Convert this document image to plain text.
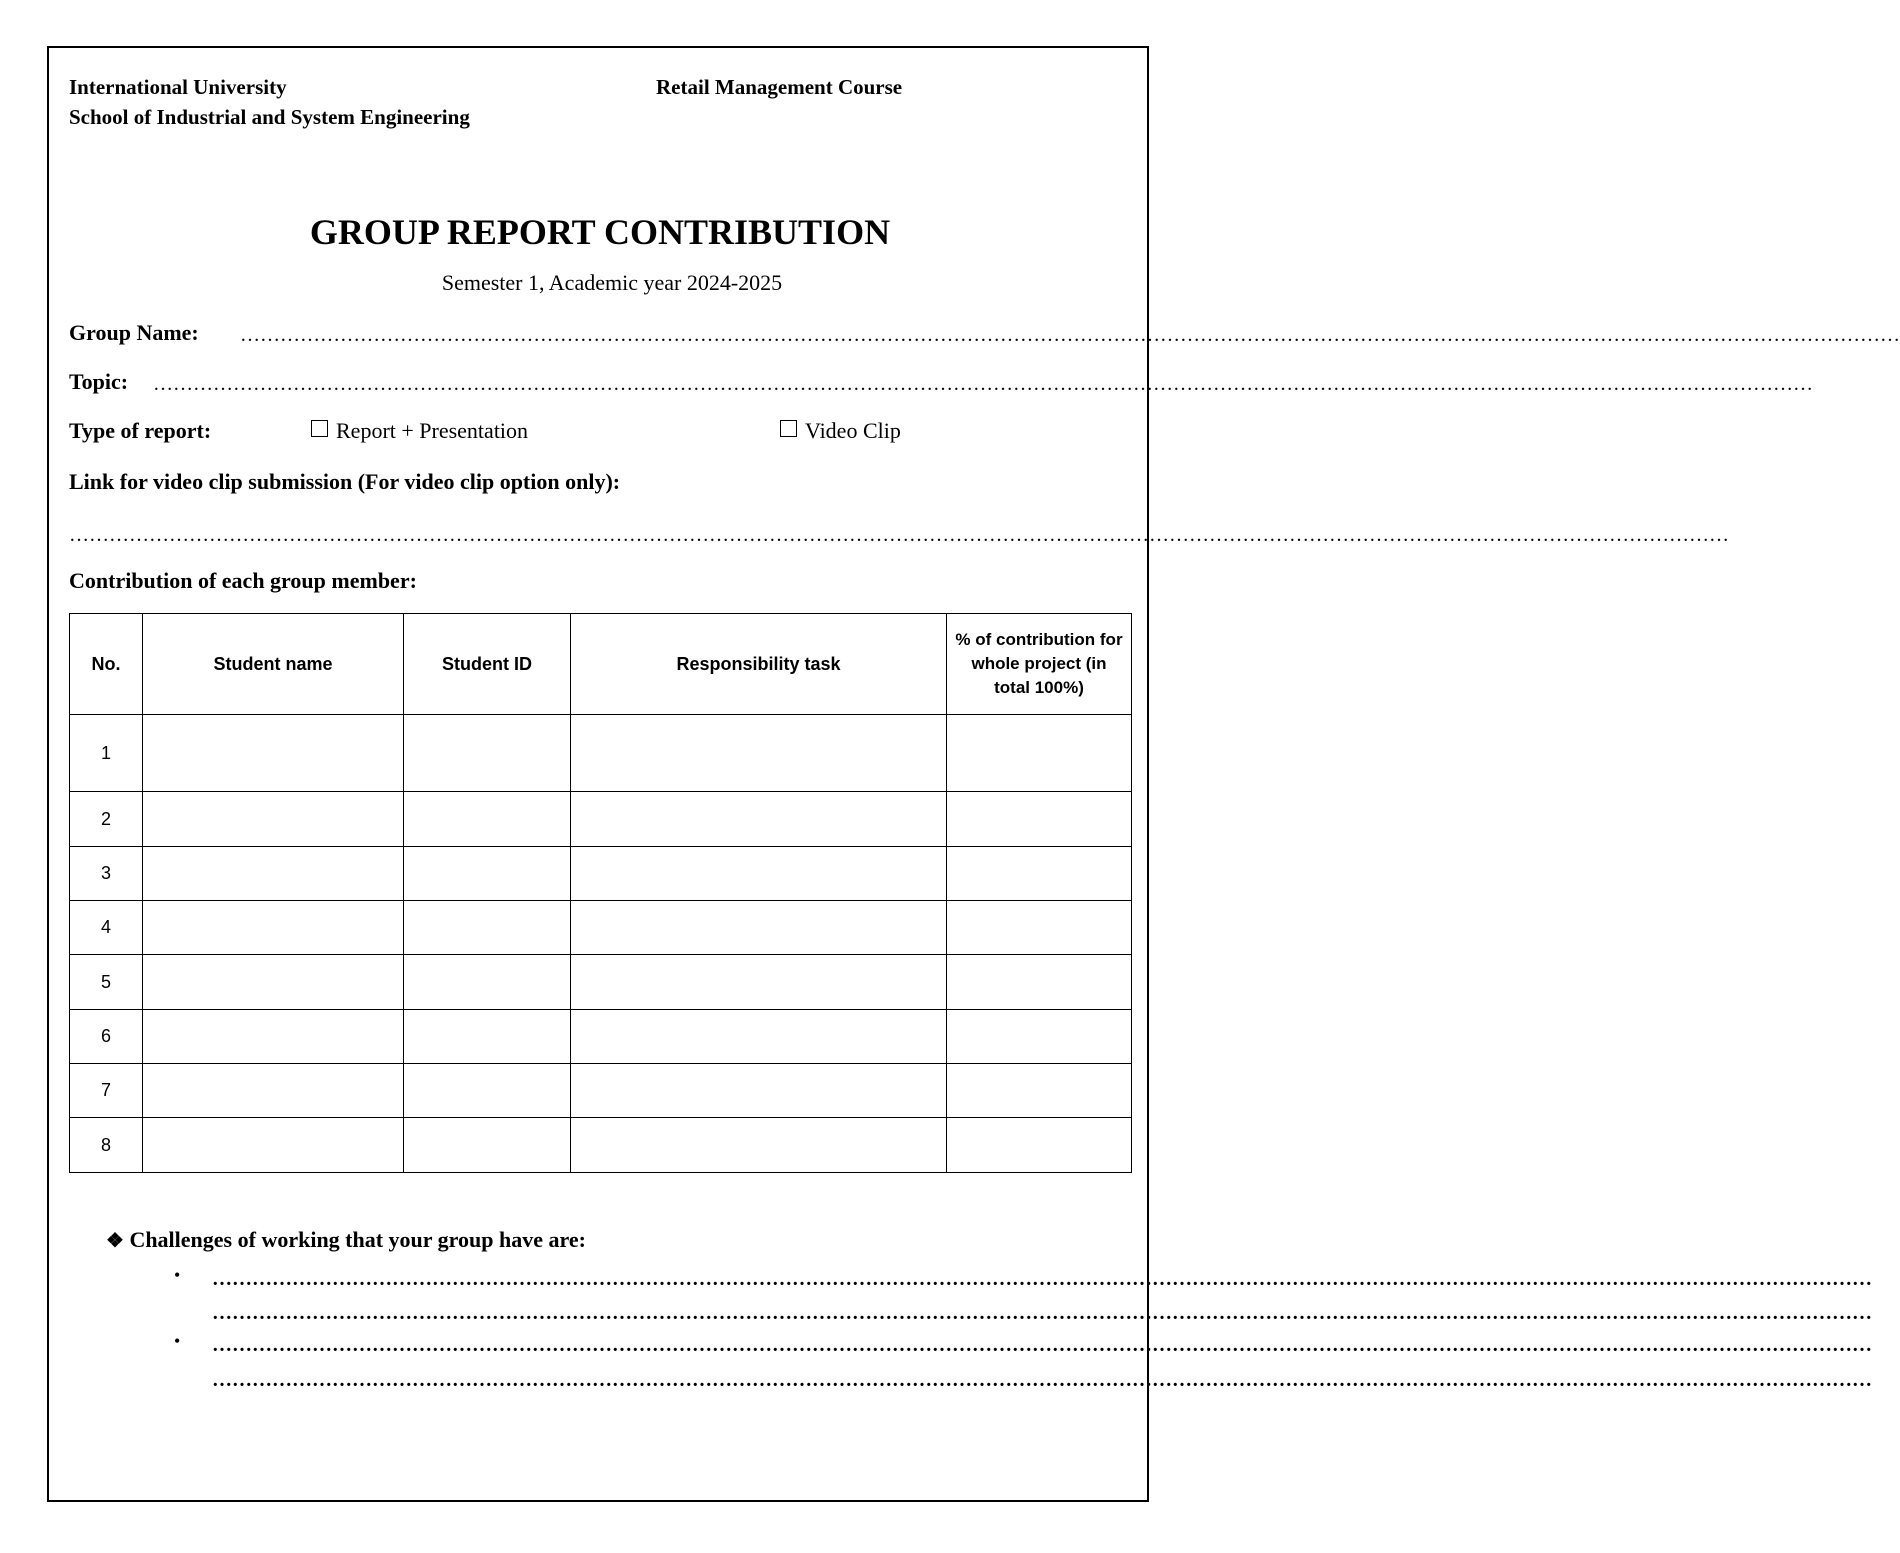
International University
School of Industrial and System Engineering
Retail Management Course
GROUP REPORT CONTRIBUTION
Semester 1, Academic year 2024-2025
Group Name: ……………………………………………………………………………………………………………………………………………………………………………………………………………………………
Topic: ……………………………………………………………………………………………………………………………………………………………………………………………………………………………
Type of report:	Report + Presentation	Video Clip
Link for video clip submission (For video clip option only):
……………………………………………………………………………………………………………………………………………………………………………………………………………………………
Contribution of each group member:
No.	Student name	Student ID	Responsibility task	% of contribution for whole project (in total 100%)
1				
2				
3				
4				
5				
6				
7				
8				
❖ Challenges of working that your group have are:
• ……………………………………………………………………………………………………………………………………………………………………………………………………………………………
……………………………………………………………………………………………………………………………………………………………………………………………………………………………
• ……………………………………………………………………………………………………………………………………………………………………………………………………………………………
……………………………………………………………………………………………………………………………………………………………………………………………………………………………
